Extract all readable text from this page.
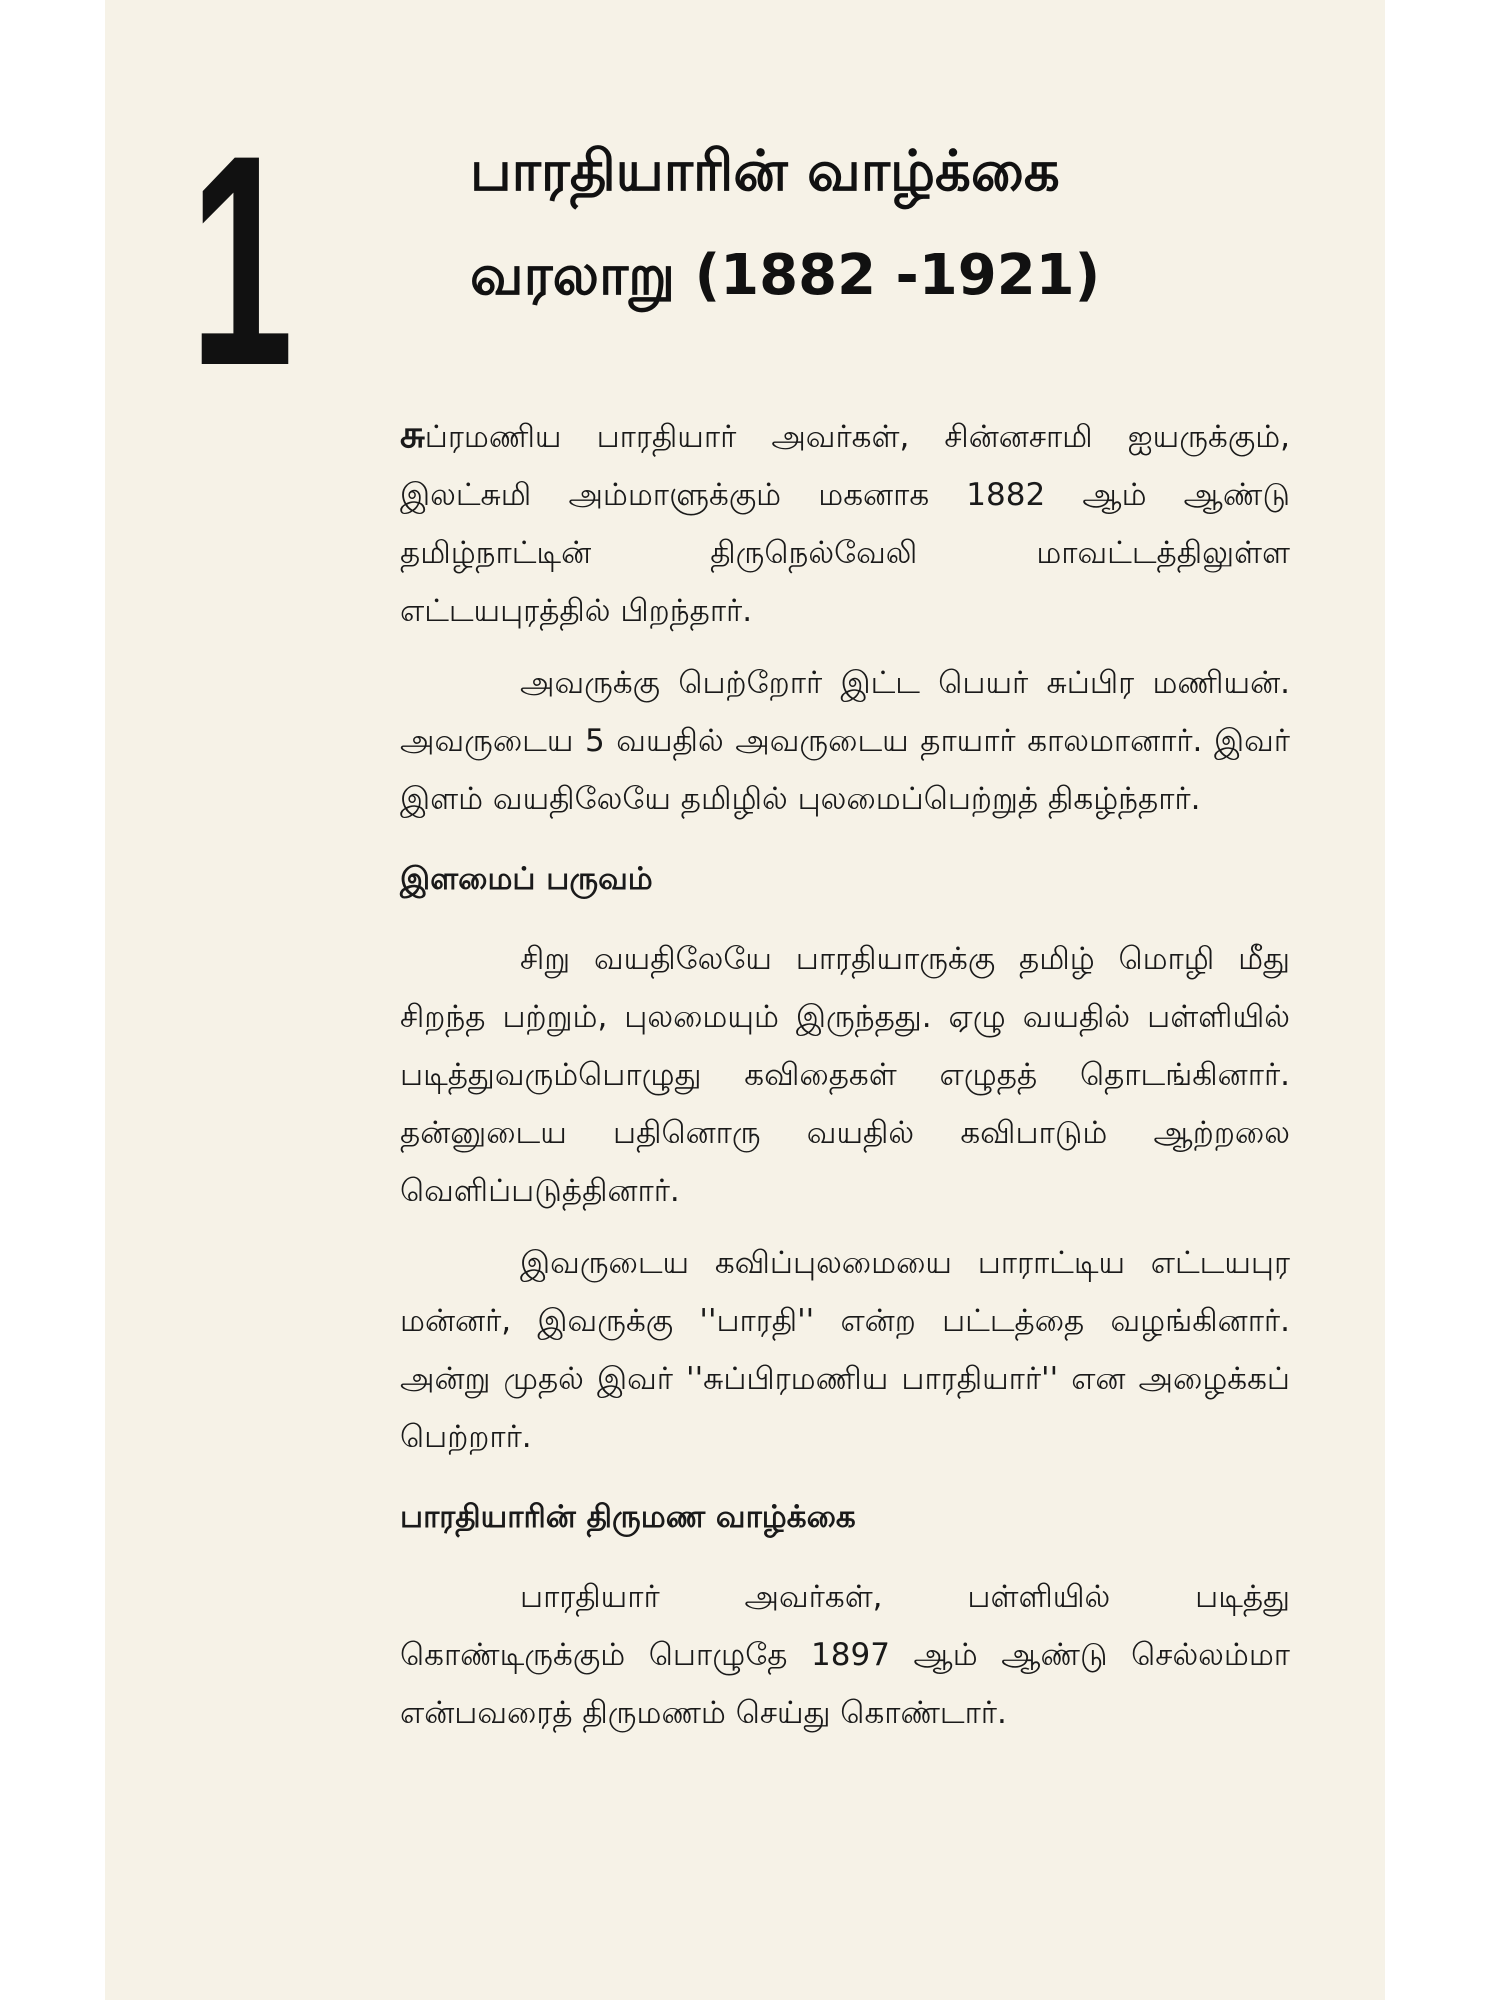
1	பாரதியாரின் வாழ்க்கை
வரலாறு (1882 -1921)

சுப்ரமணிய பாரதியார் அவர்கள், சின்னசாமி ஐயருக்கும், இலட்சுமி அம்மாளுக்கும் மகனாக 1882 ஆம் ஆண்டு தமிழ்நாட்டின் திருநெல்வேலி மாவட்டத்திலுள்ள எட்டயபுரத்தில் பிறந்தார்.

அவருக்கு பெற்றோர் இட்ட பெயர் சுப்பிர மணியன். அவருடைய 5 வயதில் அவருடைய தாயார் காலமானார். இவர் இளம் வயதிலேயே தமிழில் புலமைப்பெற்றுத் திகழ்ந்தார்.

இளமைப் பருவம்

சிறு வயதிலேயே பாரதியாருக்கு தமிழ் மொழி மீது சிறந்த பற்றும், புலமையும் இருந்தது. ஏழு வயதில் பள்ளியில் படித்துவரும்பொழுது கவிதைகள் எழுதத் தொடங்கினார். தன்னுடைய பதினொரு வயதில் கவிபாடும் ஆற்றலை வெளிப்படுத்தினார்.

இவருடைய கவிப்புலமையை பாராட்டிய எட்டயபுர மன்னர், இவருக்கு ''பாரதி'' என்ற பட்டத்தை வழங்கினார். அன்று முதல் இவர் ''சுப்பிரமணிய பாரதியார்'' என அழைக்கப் பெற்றார்.

பாரதியாரின் திருமண வாழ்க்கை

பாரதியார் அவர்கள், பள்ளியில் படித்து கொண்டிருக்கும் பொழுதே 1897 ஆம் ஆண்டு செல்லம்மா என்பவரைத் திருமணம் செய்து கொண்டார்.
